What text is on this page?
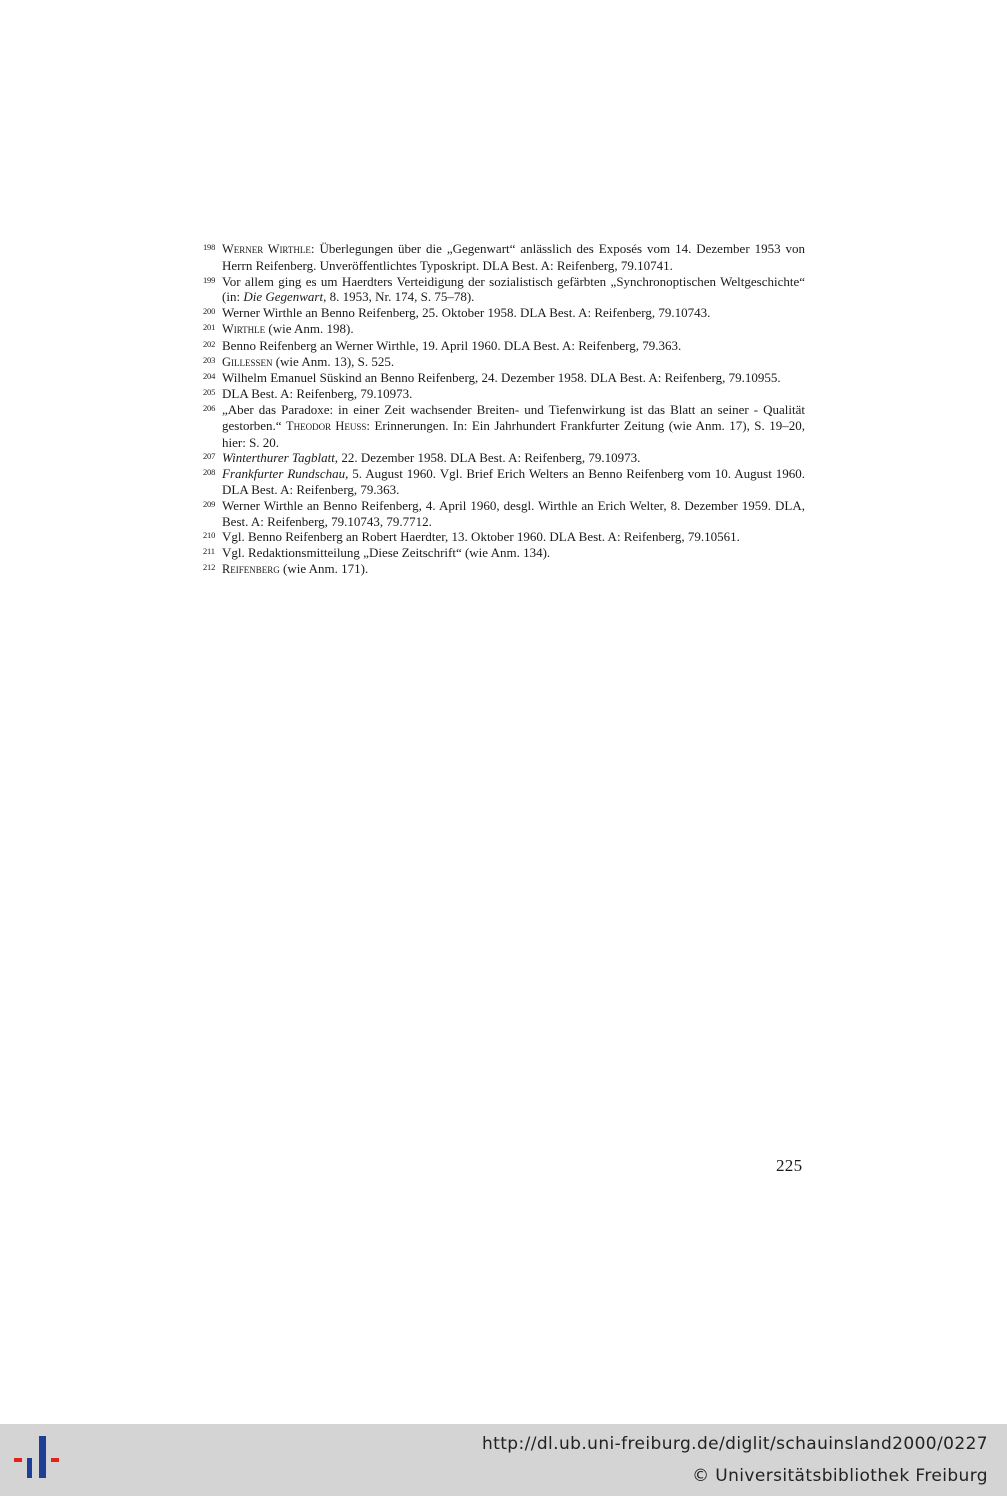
198 Werner Wirthle: Überlegungen über die „Gegenwart“ anlässlich des Exposés vom 14. Dezember 1953 von Herrn Reifenberg. Unveröffentlichtes Typoskript. DLA Best. A: Reifenberg, 79.10741.
199 Vor allem ging es um Haerdters Verteidigung der sozialistisch gefärbten „Synchronoptischen Weltgeschichte“ (in: Die Gegenwart, 8. 1953, Nr. 174, S. 75–78).
200 Werner Wirthle an Benno Reifenberg, 25. Oktober 1958. DLA Best. A: Reifenberg, 79.10743.
201 Wirthle (wie Anm. 198).
202 Benno Reifenberg an Werner Wirthle, 19. April 1960. DLA Best. A: Reifenberg, 79.363.
203 Gillessen (wie Anm. 13), S. 525.
204 Wilhelm Emanuel Süskind an Benno Reifenberg, 24. Dezember 1958. DLA Best. A: Reifenberg, 79.10955.
205 DLA Best. A: Reifenberg, 79.10973.
206 „Aber das Paradoxe: in einer Zeit wachsender Breiten- und Tiefenwirkung ist das Blatt an seiner - Qualität gestorben.“ Theodor Heuss: Erinnerungen. In: Ein Jahrhundert Frankfurter Zeitung (wie Anm. 17), S. 19–20, hier: S. 20.
207 Winterthurer Tagblatt, 22. Dezember 1958. DLA Best. A: Reifenberg, 79.10973.
208 Frankfurter Rundschau, 5. August 1960. Vgl. Brief Erich Welters an Benno Reifenberg vom 10. August 1960. DLA Best. A: Reifenberg, 79.363.
209 Werner Wirthle an Benno Reifenberg, 4. April 1960, desgl. Wirthle an Erich Welter, 8. Dezember 1959. DLA, Best. A: Reifenberg, 79.10743, 79.7712.
210 Vgl. Benno Reifenberg an Robert Haerdter, 13. Oktober 1960. DLA Best. A: Reifenberg, 79.10561.
211 Vgl. Redaktionsmitteilung „Diese Zeitschrift“ (wie Anm. 134).
212 Reifenberg (wie Anm. 171).
225
http://dl.ub.uni-freiburg.de/diglit/schauinsland2000/0227
© Universitätsbibliothek Freiburg
